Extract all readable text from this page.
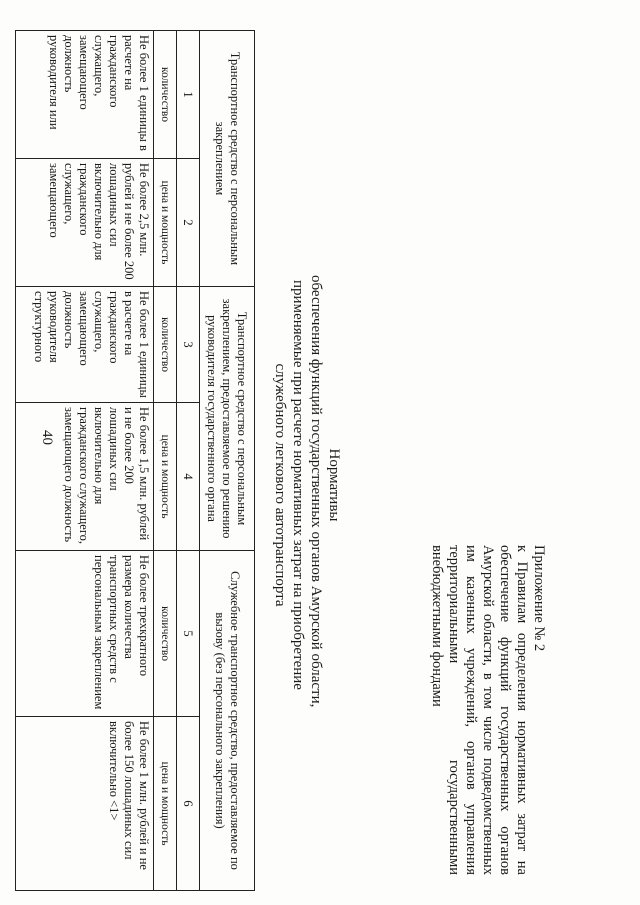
40
Приложение № 2
к Правилам определения нормативных затрат на обеспечение функций государственных органов Амурской области, в том числе подведомственных им казенных учреждений, органов управления территориальными государственными внебюджетными фондами
Нормативы
обеспечения функций государственных органов Амурской области,
применяемые при расчете нормативных затрат на приобретение
служебного легкового автотранспорта
Транспортное средство с персональным закреплением		Транспортное средство с персональным закреплением, предоставляемое по решению руководителя государственного органа		Служебное транспортное средство, предоставляемое по вызову (без персонального закрепления)	
1	2	3	4	5	6
количество	цена и мощность	количество	цена и мощность	количество	цена и мощность
Не более 1 единицы в расчете на гражданского служащего, замещающего должность руководителя или	Не более 2,5 млн. рублей и не более 200 лошадиных сил включительно для гражданского служащего, замещающего	Не более 1 единицы в расчете на гражданского служащего, замещающего должность руководителя структурного	Не более 1,5 млн. рублей и не более 200 лошадиных сил включительно для гражданского служащего, замещающего должность	Не более трехкратного размера количества транспортных средств с персональным закреплением	Не более 1 млн. рублей и не более 150 лошадиных сил включительно <1>
